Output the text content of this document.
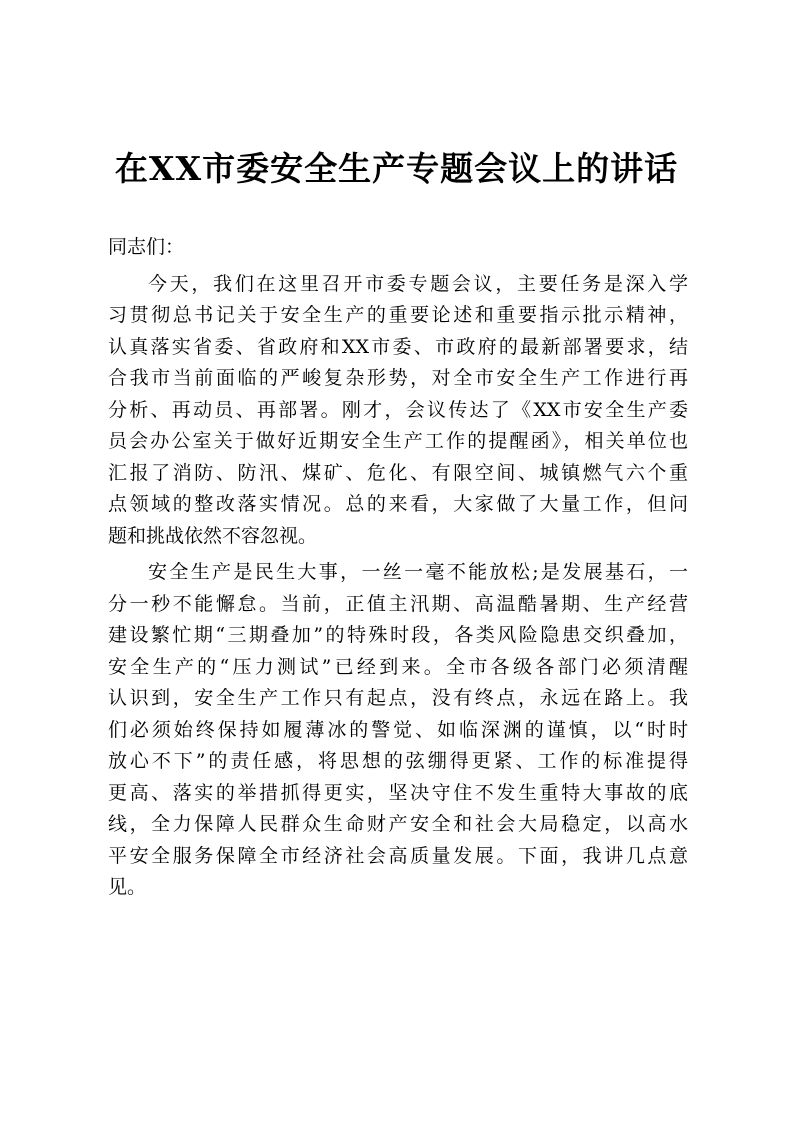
在XX市委安全生产专题会议上的讲话

同志们：

今天，我们在这里召开市委专题会议，主要任务是深入学

习贯彻总书记关于安全生产的重要论述和重要指示批示精神，

认真落实省委、省政府和XX市委、市政府的最新部署要求，结

合我市当前面临的严峻复杂形势，对全市安全生产工作进行再

分析、再动员、再部署。刚才，会议传达了《XX市安全生产委

员会办公室关于做好近期安全生产工作的提醒函》，相关单位也

汇报了消防、防汛、煤矿、危化、有限空间、城镇燃气六个重

点领域的整改落实情况。总的来看，大家做了大量工作，但问

题和挑战依然不容忽视。

安全生产是民生大事，一丝一毫不能放松;是发展基石，一

分一秒不能懈怠。当前，正值主汛期、高温酷暑期、生产经营

建设繁忙期“三期叠加”的特殊时段，各类风险隐患交织叠加，

安全生产的“压力测试”已经到来。全市各级各部门必须清醒

认识到，安全生产工作只有起点，没有终点，永远在路上。我

们必须始终保持如履薄冰的警觉、如临深渊的谨慎，以“时时

放心不下”的责任感，将思想的弦绷得更紧、工作的标准提得

更高、落实的举措抓得更实，坚决守住不发生重特大事故的底

线，全力保障人民群众生命财产安全和社会大局稳定，以高水

平安全服务保障全市经济社会高质量发展。下面，我讲几点意

见。
